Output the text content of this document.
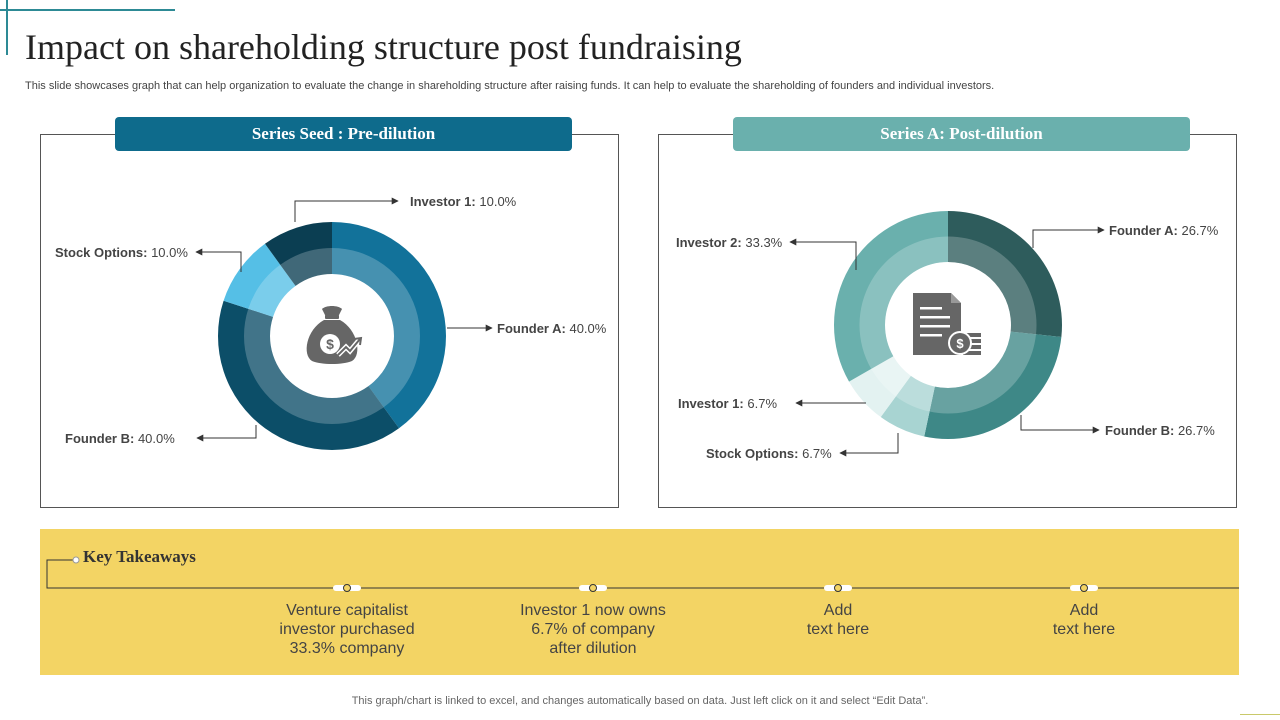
Impact on shareholding structure post fundraising

This slide showcases graph that can help organization to evaluate the change in shareholding structure after raising funds. It can help to evaluate the shareholding of founders and individual investors.

Series Seed : Pre-dilution	Series A: Post-dilution
$	$
Founder A: 40.0%
Founder B: 40.0%
Stock Options: 10.0%
Investor 1: 10.0%
Founder A: 26.7%
Founder B: 26.7%
Stock Options: 6.7%
Investor 1: 6.7%
Investor 2: 33.3%
Key Takeaways
Venture capitalist
investor purchased
33.3% company
Investor 1 now owns
6.7% of company
after dilution
Add
text here
Add
text here
This graph/chart is linked to excel, and changes automatically based on data. Just left click on it and select “Edit Data”.
